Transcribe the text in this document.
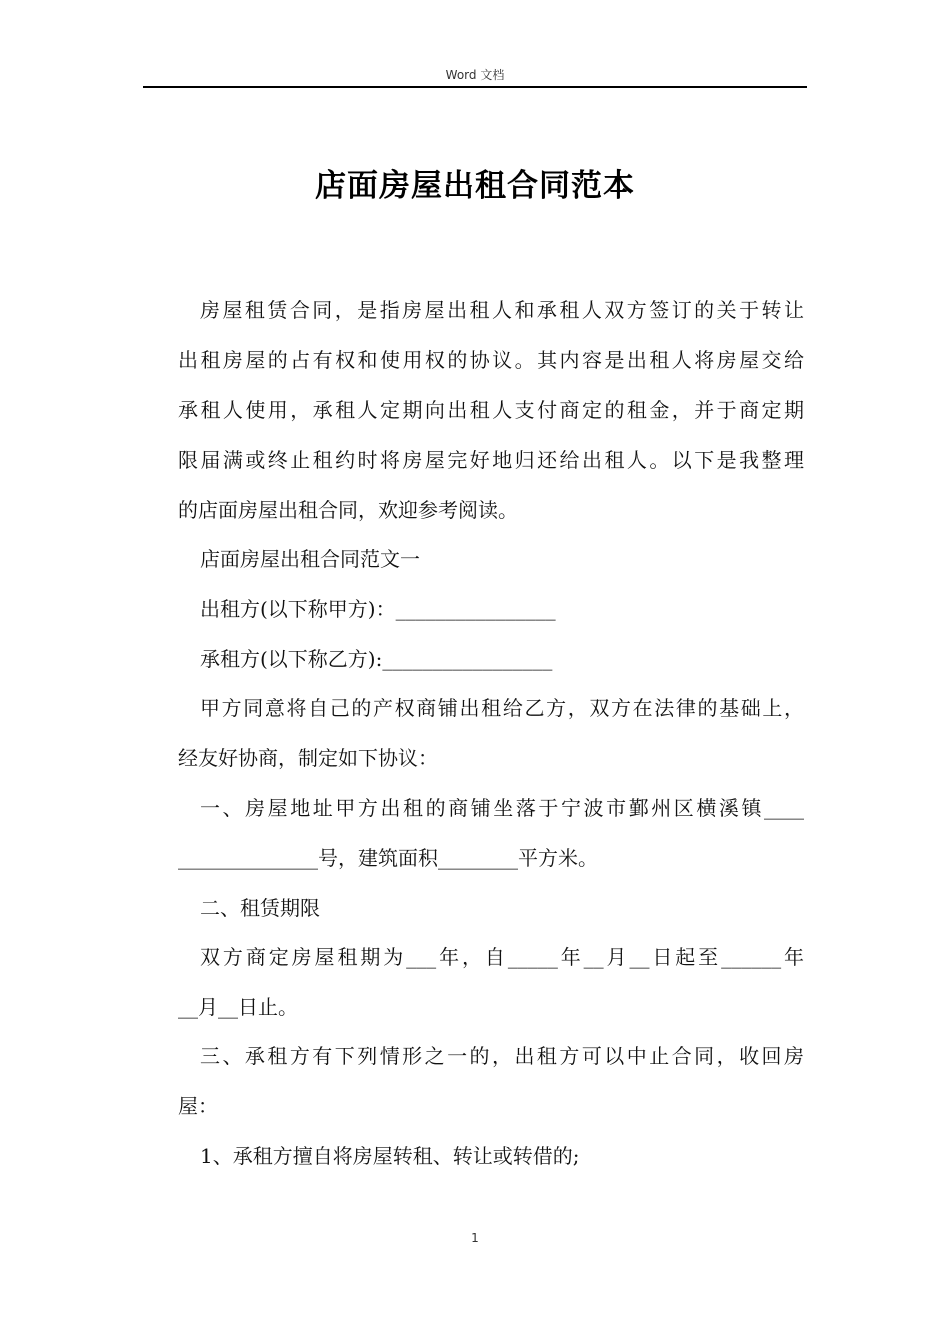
Word 文档
店面房屋出租合同范本
房屋租赁合同，是指房屋出租人和承租人双方签订的关于转让
出租房屋的占有权和使用权的协议。其内容是出租人将房屋交给
承租人使用，承租人定期向出租人支付商定的租金，并于商定期
限届满或终止租约时将房屋完好地归还给出租人。以下是我整理
的店面房屋出租合同，欢迎参考阅读。
店面房屋出租合同范文一
出租方(以下称甲方)：________________
承租方(以下称乙方):_________________
甲方同意将自己的产权商铺出租给乙方，双方在法律的基础上，
经友好协商，制定如下协议：
一、房屋地址甲方出租的商铺坐落于宁波市鄞州区横溪镇____
______________号，建筑面积________平方米。
二、租赁期限
双方商定房屋租期为___年，自_____年__月__日起至______年
__月__日止。
三、承租方有下列情形之一的，出租方可以中止合同，收回房
屋：
1、承租方擅自将房屋转租、转让或转借的;
1
